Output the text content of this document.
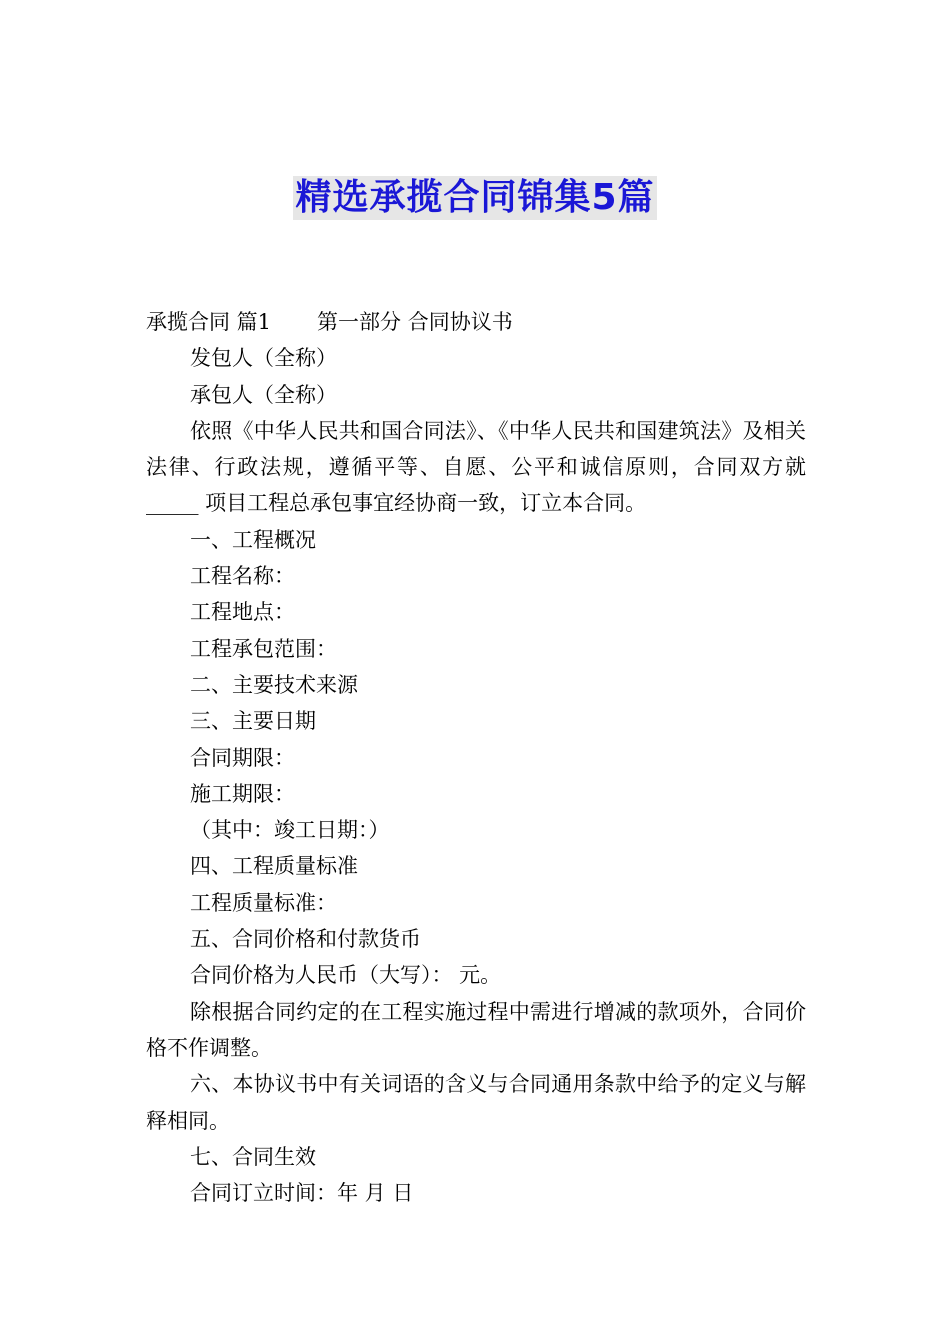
精选承揽合同锦集5篇

承揽合同 篇1 第一部分 合同协议书

发包人（全称）

承包人（全称）

依照《中华人民共和国合同法》、《中华人民共和国建筑法》及相关法律、行政法规，遵循平等、自愿、公平和诚信原则，合同双方就_____ 项目工程总承包事宜经协商一致，订立本合同。

一、工程概况

工程名称：

工程地点：

工程承包范围：

二、主要技术来源

三、主要日期

合同期限：

施工期限：

（其中：竣工日期：）

四、工程质量标准

工程质量标准：

五、合同价格和付款货币

合同价格为人民币（大写）： 元。

除根据合同约定的在工程实施过程中需进行增减的款项外，合同价格不作调整。

六、本协议书中有关词语的含义与合同通用条款中给予的定义与解释相同。

七、合同生效

合同订立时间：年 月 日
